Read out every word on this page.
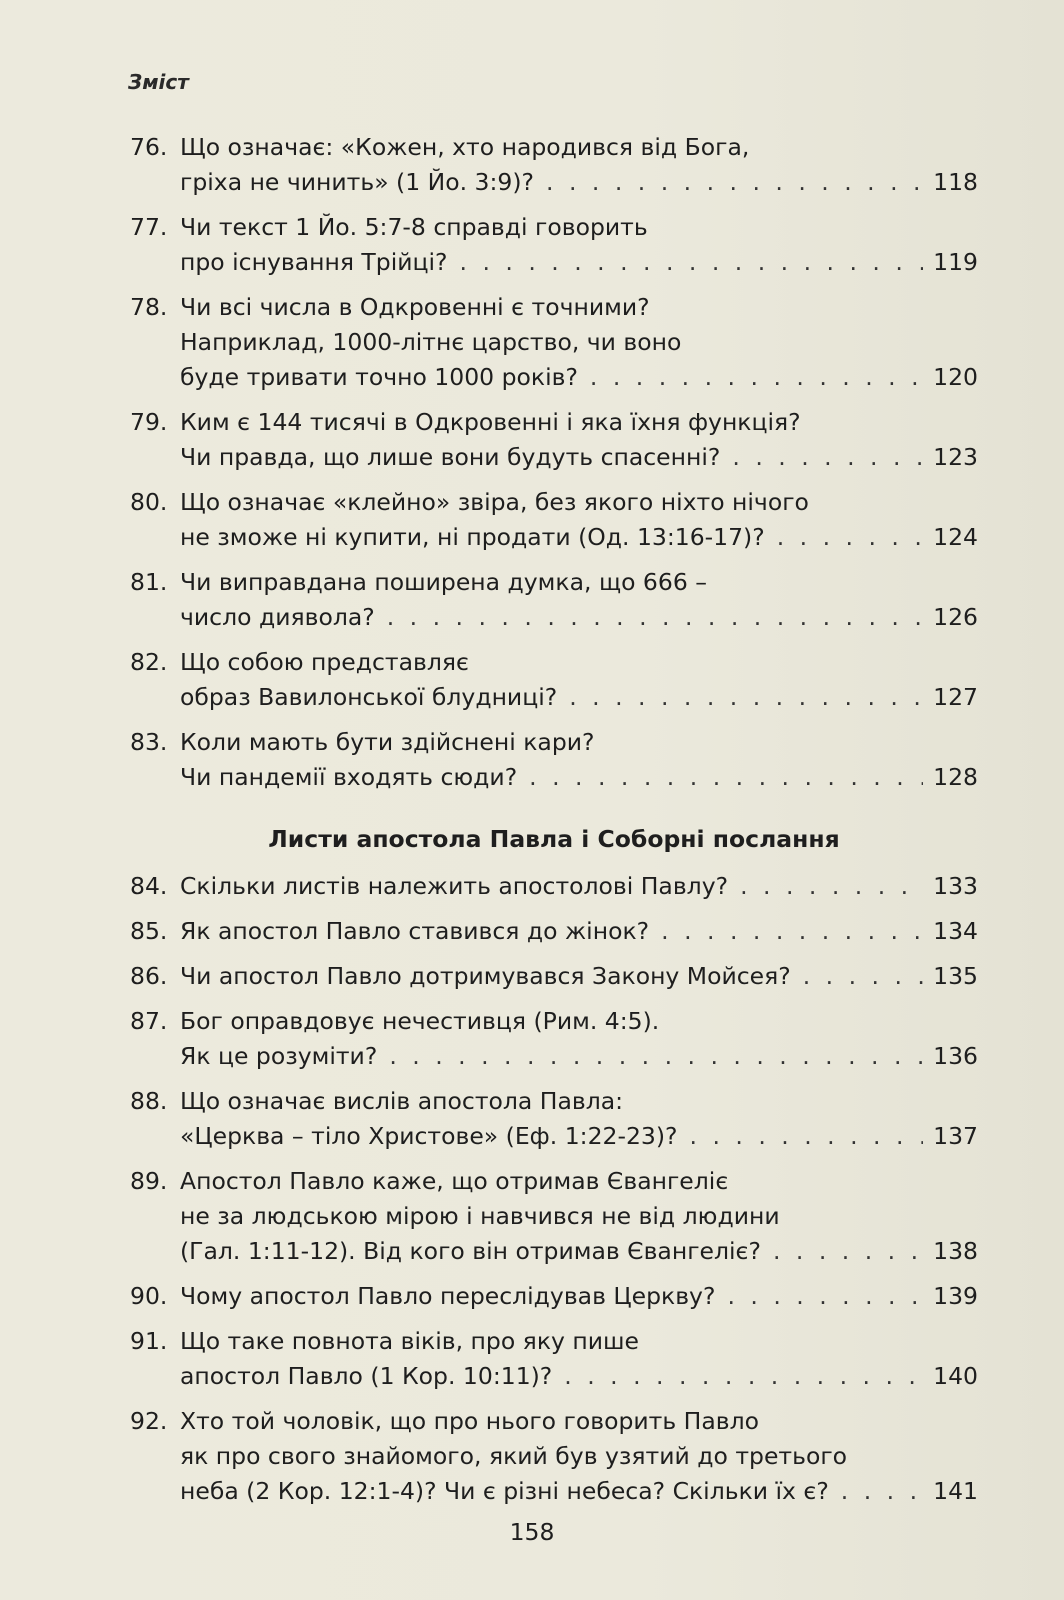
Зміст
76. Що означає: «Кожен, хто народився від Бога,
гріха не чинить» (1 Йо. 3:9)? . . .	118
77. Чи текст 1 Йо. 5:7-8 справді говорить
про існування Трійці? . . .	119
78. Чи всі числа в Одкровенні є точними?
Наприклад, 1000-літнє царство, чи воно
буде тривати точно 1000 років? . . .	120
79. Ким є 144 тисячі в Одкровенні і яка їхня функція?
Чи правда, що лише вони будуть спасенні? . . .	123
80. Що означає «клейно» звіра, без якого ніхто нічого
не зможе ні купити, ні продати (Од. 13:16-17)? . . .	124
81. Чи виправдана поширена думка, що 666 –
число диявола? . . .	126
82. Що собою представляє
образ Вавилонської блудниці? . . .	127
83. Коли мають бути здійснені кари?
Чи пандемії входять сюди? . . .	128
Листи апостола Павла і Соборні послання
84. Скільки листів належить апостолові Павлу? . . .	133
85. Як апостол Павло ставився до жінок? . . .	134
86. Чи апостол Павло дотримувався Закону Мойсея? . . .	135
87. Бог оправдовує нечестивця (Рим. 4:5).
Як це розуміти? . . .	136
88. Що означає вислів апостола Павла:
«Церква – тіло Христове» (Еф. 1:22-23)? . . .	137
89. Апостол Павло каже, що отримав Євангеліє
не за людською мірою і навчився не від людини
(Гал. 1:11-12). Від кого він отримав Євангеліє? . . .	138
90. Чому апостол Павло переслідував Церкву? . . .	139
91. Що таке повнота віків, про яку пише
апостол Павло (1 Кор. 10:11)? . . .	140
92. Хто той чоловік, що про нього говорить Павло
як про свого знайомого, який був узятий до третього
неба (2 Кор. 12:1-4)? Чи є різні небеса? Скільки їх є? . . .	141
158
